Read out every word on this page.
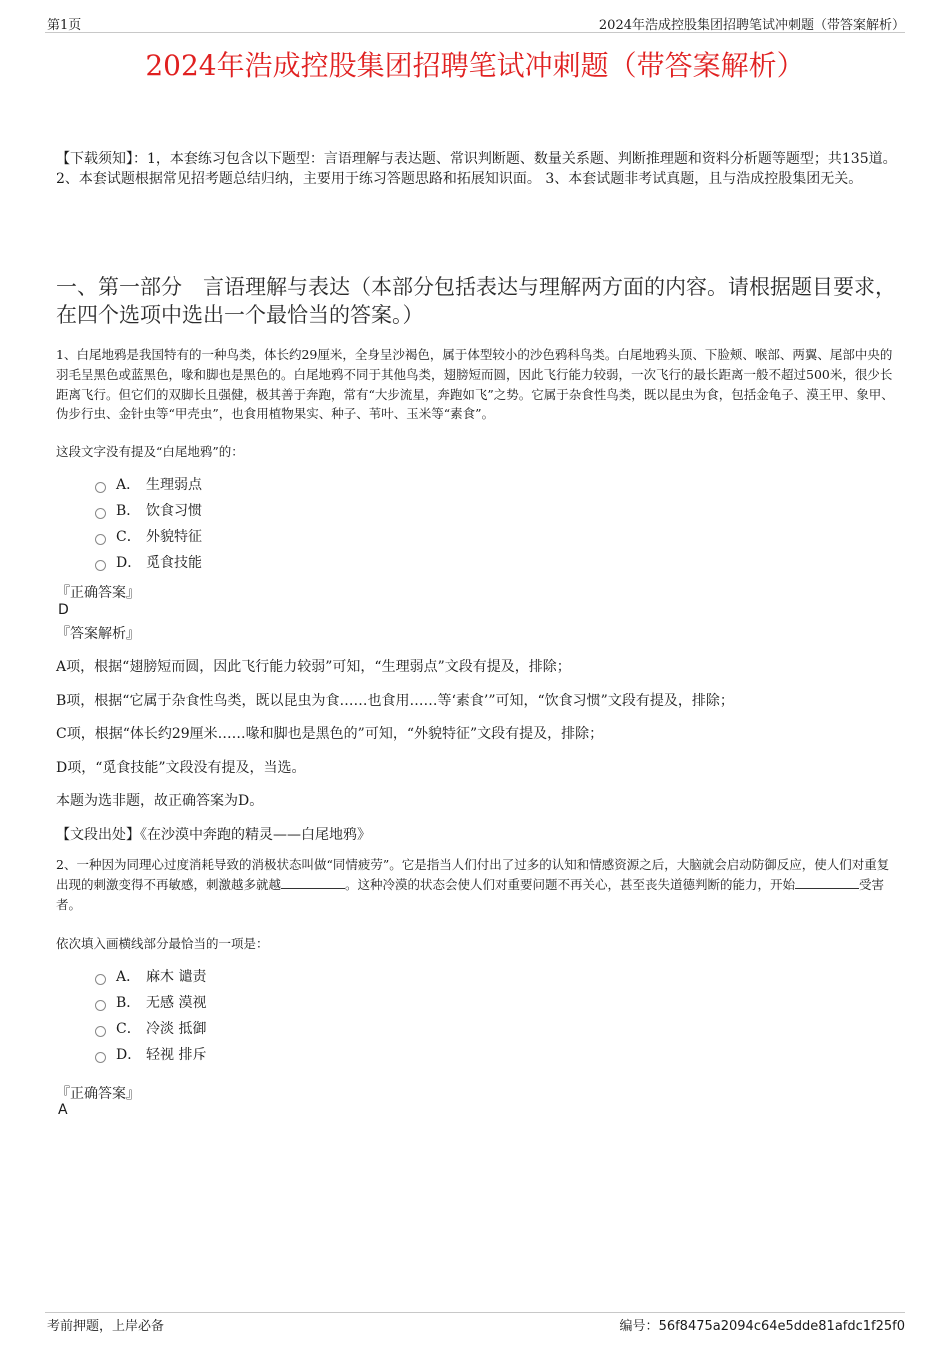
第1页	2024年浩成控股集团招聘笔试冲刺题（带答案解析）
2024年浩成控股集团招聘笔试冲刺题（带答案解析）
【下载须知】：1，本套练习包含以下题型：言语理解与表达题、常识判断题、数量关系题、判断推理题和资料分析题等题型；共135道。 2、本套试题根据常见招考题总结归纳，主要用于练习答题思路和拓展知识面。 3、本套试题非考试真题，且与浩成控股集团无关。
一、第一部分　言语理解与表达（本部分包括表达与理解两方面的内容。请根据题目要求，在四个选项中选出一个最恰当的答案。）
1、白尾地鸦是我国特有的一种鸟类，体长约29厘米，全身呈沙褐色，属于体型较小的沙色鸦科鸟类。白尾地鸦头顶、下脸颊、喉部、两翼、尾部中央的羽毛呈黑色或蓝黑色，喙和脚也是黑色的。白尾地鸦不同于其他鸟类，翅膀短而圆，因此飞行能力较弱，一次飞行的最长距离一般不超过500米，很少长距离飞行。但它们的双脚长且强健，极其善于奔跑，常有“大步流星，奔跑如飞”之势。它属于杂食性鸟类，既以昆虫为食，包括金龟子、漠王甲、象甲、伪步行虫、金针虫等“甲壳虫”，也食用植物果实、种子、苇叶、玉米等“素食”。
这段文字没有提及“白尾地鸦”的：
A． 生理弱点
B． 饮食习惯
C． 外貌特征
D． 觅食技能
『正确答案』
D
『答案解析』
A项，根据“翅膀短而圆，因此飞行能力较弱”可知，“生理弱点”文段有提及，排除；
B项，根据“它属于杂食性鸟类，既以昆虫为食……也食用……等‘素食’”可知，“饮食习惯”文段有提及，排除；
C项，根据“体长约29厘米……喙和脚也是黑色的”可知，“外貌特征”文段有提及，排除；
D项，“觅食技能”文段没有提及，当选。
本题为选非题，故正确答案为D。
【文段出处】《在沙漠中奔跑的精灵——白尾地鸦》
2、一种因为同理心过度消耗导致的消极状态叫做“同情疲劳”。它是指当人们付出了过多的认知和情感资源之后，大脑就会启动防御反应，使人们对重复出现的刺激变得不再敏感，刺激越多就越	。这种冷漠的状态会使人们对重要问题不再关心，甚至丧失道德判断的能力，开始	受害者。
依次填入画横线部分最恰当的一项是：
A． 麻木 谴责
B． 无感 漠视
C． 冷淡 抵御
D． 轻视 排斥
『正确答案』
A
考前押题，上岸必备	编号：56f8475a2094c64e5dde81afdc1f25f0
